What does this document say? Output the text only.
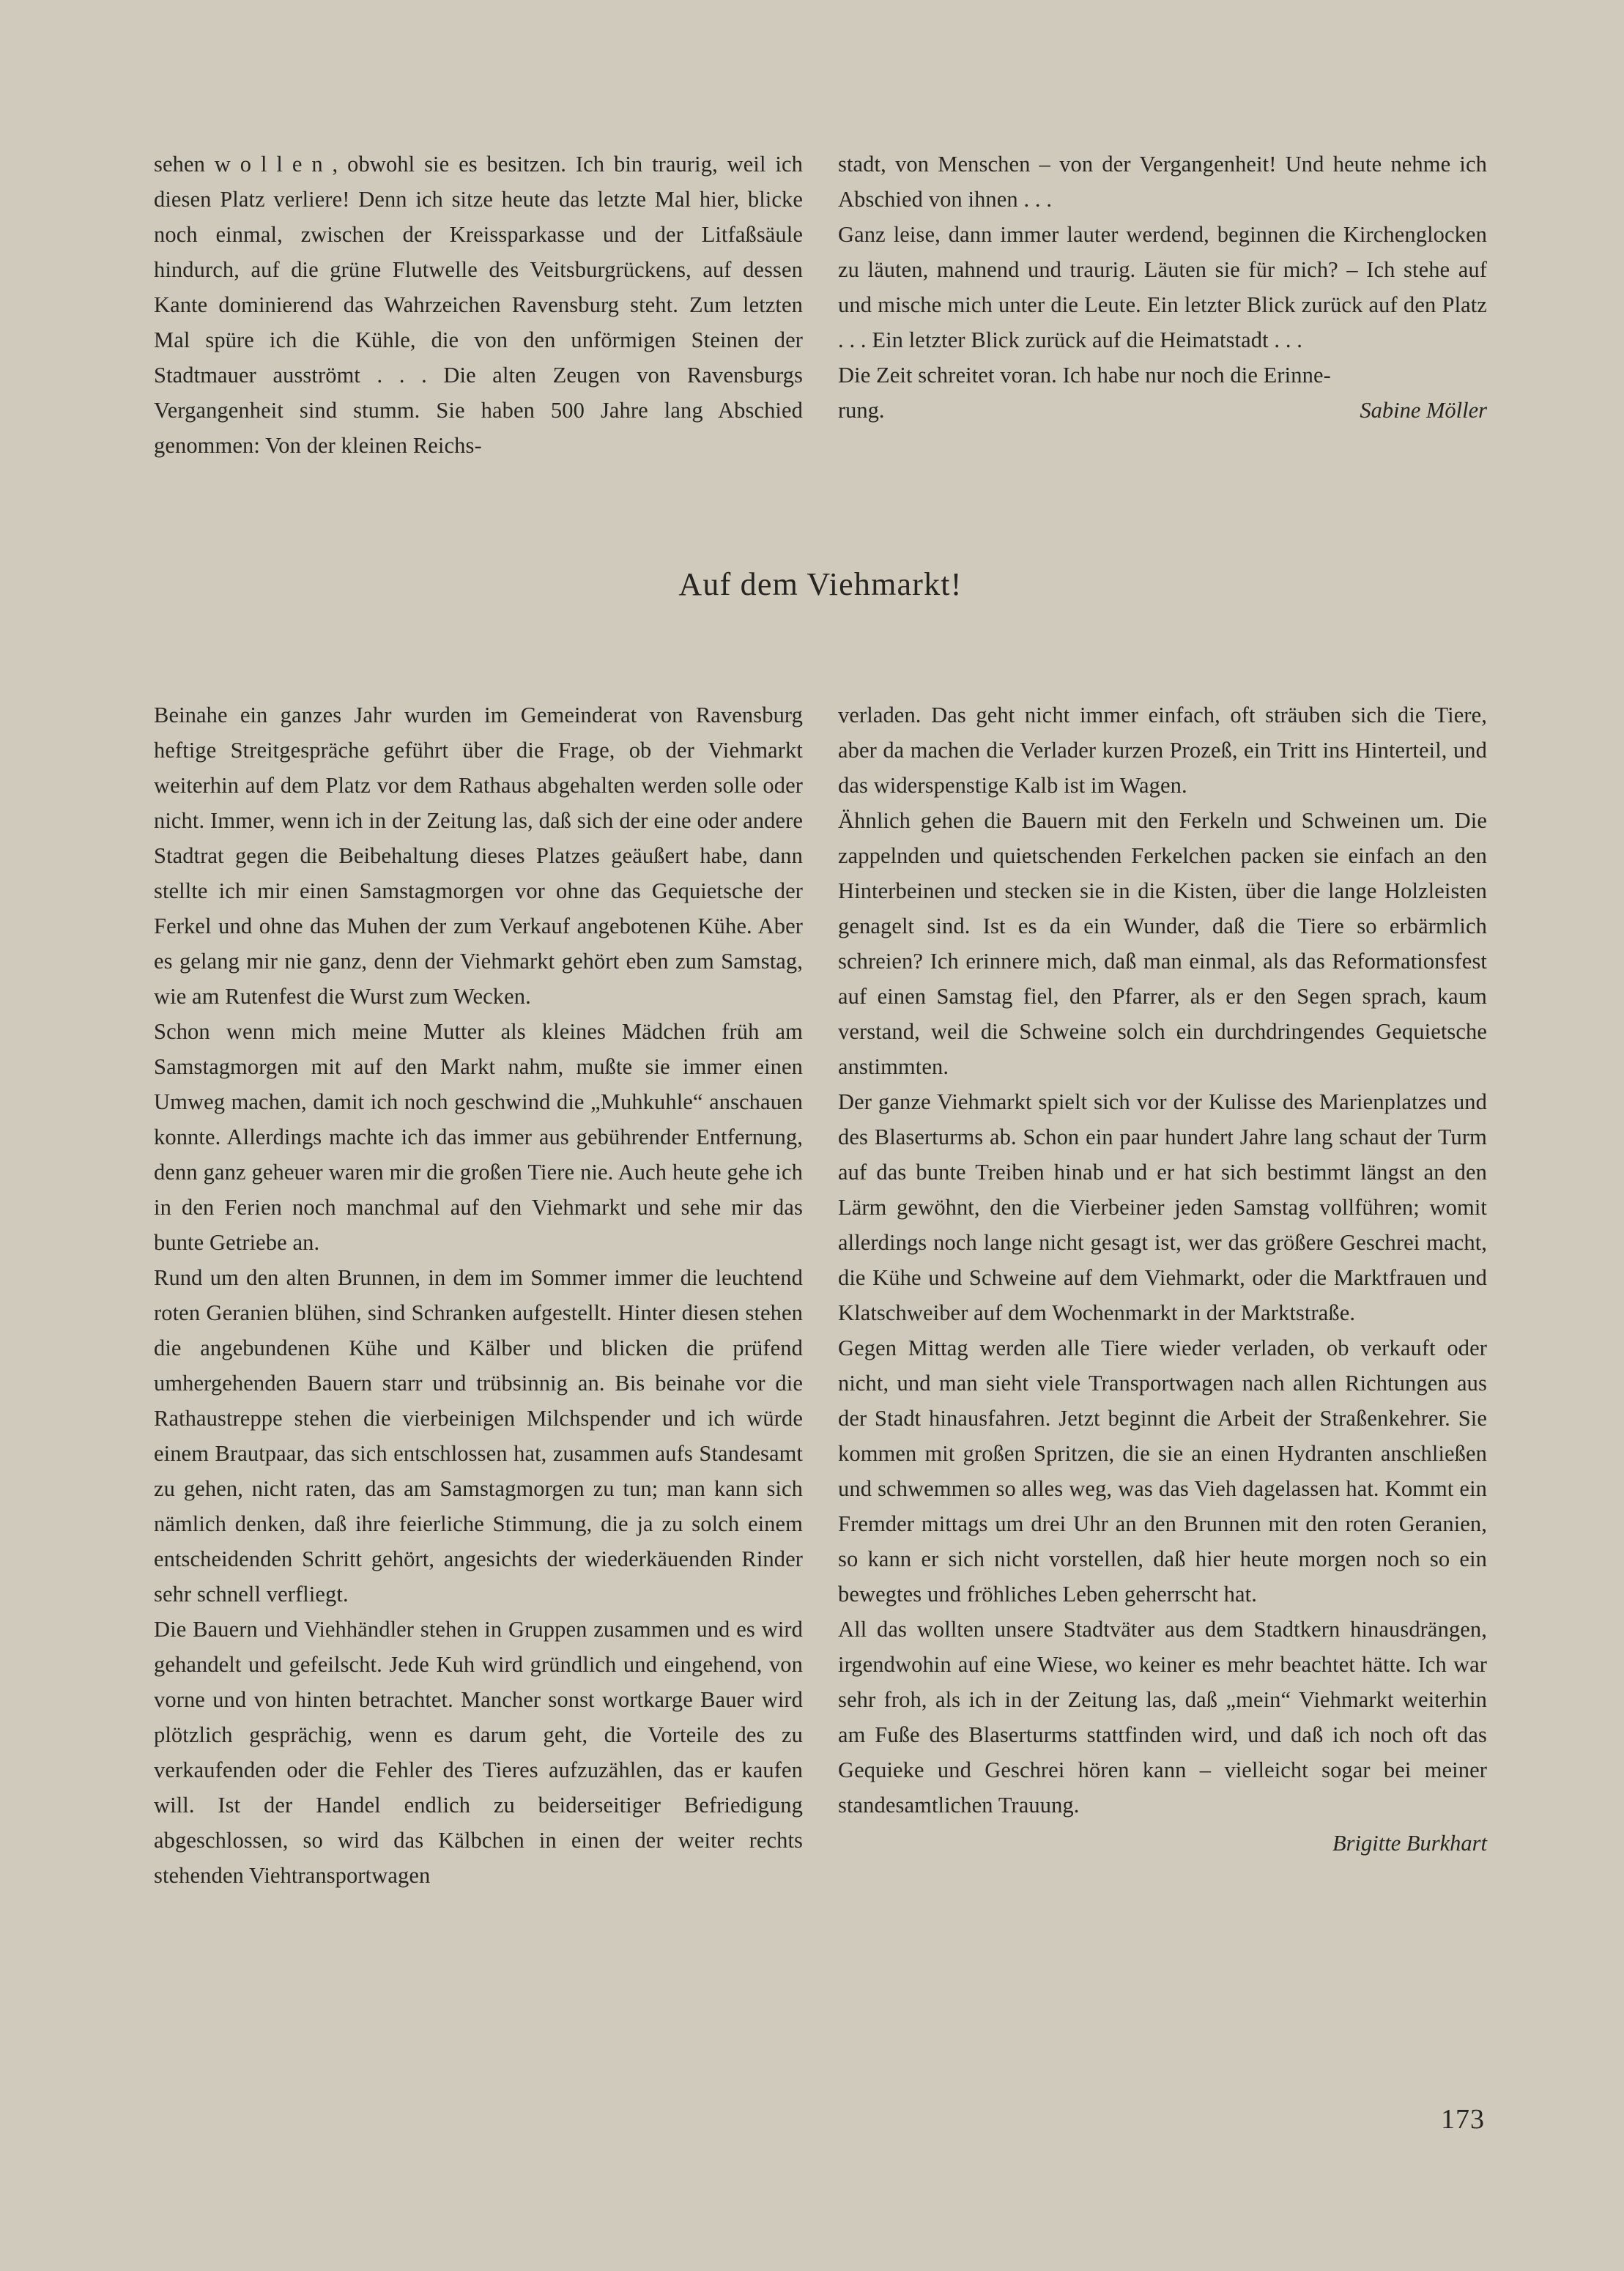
sehen w o l l e n , obwohl sie es besitzen. Ich bin traurig, weil ich diesen Platz verliere! Denn ich sitze heute das letzte Mal hier, blicke noch einmal, zwischen der Kreissparkasse und der Litfaßsäule hindurch, auf die grüne Flutwelle des Veitsburgrückens, auf dessen Kante dominierend das Wahrzeichen Ravensburg steht. Zum letzten Mal spüre ich die Kühle, die von den unförmigen Steinen der Stadtmauer ausströmt . . . Die alten Zeugen von Ravensburgs Vergangenheit sind stumm. Sie haben 500 Jahre lang Abschied genommen: Von der kleinen Reichs-

stadt, von Menschen – von der Vergangenheit! Und heute nehme ich Abschied von ihnen . . .

Ganz leise, dann immer lauter werdend, beginnen die Kirchenglocken zu läuten, mahnend und traurig. Läuten sie für mich? – Ich stehe auf und mische mich unter die Leute. Ein letzter Blick zurück auf den Platz . . . Ein letzter Blick zurück auf die Heimatstadt . . .

Die Zeit schreitet voran. Ich habe nur noch die Erinne-

rung.	Sabine Möller
Auf dem Viehmarkt!

Beinahe ein ganzes Jahr wurden im Gemeinderat von Ravensburg heftige Streitgespräche geführt über die Frage, ob der Viehmarkt weiterhin auf dem Platz vor dem Rathaus abgehalten werden solle oder nicht. Immer, wenn ich in der Zeitung las, daß sich der eine oder andere Stadtrat gegen die Beibehaltung dieses Platzes geäußert habe, dann stellte ich mir einen Samstagmorgen vor ohne das Gequietsche der Ferkel und ohne das Muhen der zum Verkauf angebotenen Kühe. Aber es gelang mir nie ganz, denn der Viehmarkt gehört eben zum Samstag, wie am Rutenfest die Wurst zum Wecken.

Schon wenn mich meine Mutter als kleines Mädchen früh am Samstagmorgen mit auf den Markt nahm, mußte sie immer einen Umweg machen, damit ich noch geschwind die „Muhkuhle“ anschauen konnte. Allerdings machte ich das immer aus gebührender Entfernung, denn ganz geheuer waren mir die großen Tiere nie. Auch heute gehe ich in den Ferien noch manchmal auf den Viehmarkt und sehe mir das bunte Getriebe an.

Rund um den alten Brunnen, in dem im Sommer immer die leuchtend roten Geranien blühen, sind Schranken aufgestellt. Hinter diesen stehen die angebundenen Kühe und Kälber und blicken die prüfend umhergehenden Bauern starr und trübsinnig an. Bis beinahe vor die Rathaustreppe stehen die vierbeinigen Milchspender und ich würde einem Brautpaar, das sich entschlossen hat, zusammen aufs Standesamt zu gehen, nicht raten, das am Samstagmorgen zu tun; man kann sich nämlich denken, daß ihre feierliche Stimmung, die ja zu solch einem entscheidenden Schritt gehört, angesichts der wiederkäuenden Rinder sehr schnell verfliegt.

Die Bauern und Viehhändler stehen in Gruppen zusammen und es wird gehandelt und gefeilscht. Jede Kuh wird gründlich und eingehend, von vorne und von hinten betrachtet. Mancher sonst wortkarge Bauer wird plötzlich gesprächig, wenn es darum geht, die Vorteile des zu verkaufenden oder die Fehler des Tieres aufzuzählen, das er kaufen will. Ist der Handel endlich zu beiderseitiger Befriedigung abgeschlossen, so wird das Kälbchen in einen der weiter rechts stehenden Viehtransportwagen

verladen. Das geht nicht immer einfach, oft sträuben sich die Tiere, aber da machen die Verlader kurzen Prozeß, ein Tritt ins Hinterteil, und das widerspenstige Kalb ist im Wagen.

Ähnlich gehen die Bauern mit den Ferkeln und Schweinen um. Die zappelnden und quietschenden Ferkelchen packen sie einfach an den Hinterbeinen und stecken sie in die Kisten, über die lange Holzleisten genagelt sind. Ist es da ein Wunder, daß die Tiere so erbärmlich schreien? Ich erinnere mich, daß man einmal, als das Reformationsfest auf einen Samstag fiel, den Pfarrer, als er den Segen sprach, kaum verstand, weil die Schweine solch ein durchdringendes Gequietsche anstimmten.

Der ganze Viehmarkt spielt sich vor der Kulisse des Marienplatzes und des Blaserturms ab. Schon ein paar hundert Jahre lang schaut der Turm auf das bunte Treiben hinab und er hat sich bestimmt längst an den Lärm gewöhnt, den die Vierbeiner jeden Samstag vollführen; womit allerdings noch lange nicht gesagt ist, wer das größere Geschrei macht, die Kühe und Schweine auf dem Viehmarkt, oder die Marktfrauen und Klatschweiber auf dem Wochenmarkt in der Marktstraße.

Gegen Mittag werden alle Tiere wieder verladen, ob verkauft oder nicht, und man sieht viele Transportwagen nach allen Richtungen aus der Stadt hinausfahren. Jetzt beginnt die Arbeit der Straßenkehrer. Sie kommen mit großen Spritzen, die sie an einen Hydranten anschließen und schwemmen so alles weg, was das Vieh dagelassen hat. Kommt ein Fremder mittags um drei Uhr an den Brunnen mit den roten Geranien, so kann er sich nicht vorstellen, daß hier heute morgen noch so ein bewegtes und fröhliches Leben geherrscht hat.

All das wollten unsere Stadtväter aus dem Stadtkern hinausdrängen, irgendwohin auf eine Wiese, wo keiner es mehr beachtet hätte. Ich war sehr froh, als ich in der Zeitung las, daß „mein“ Viehmarkt weiterhin am Fuße des Blaserturms stattfinden wird, und daß ich noch oft das Gequieke und Geschrei hören kann – vielleicht sogar bei meiner standesamtlichen Trauung.

Brigitte Burkhart
173
